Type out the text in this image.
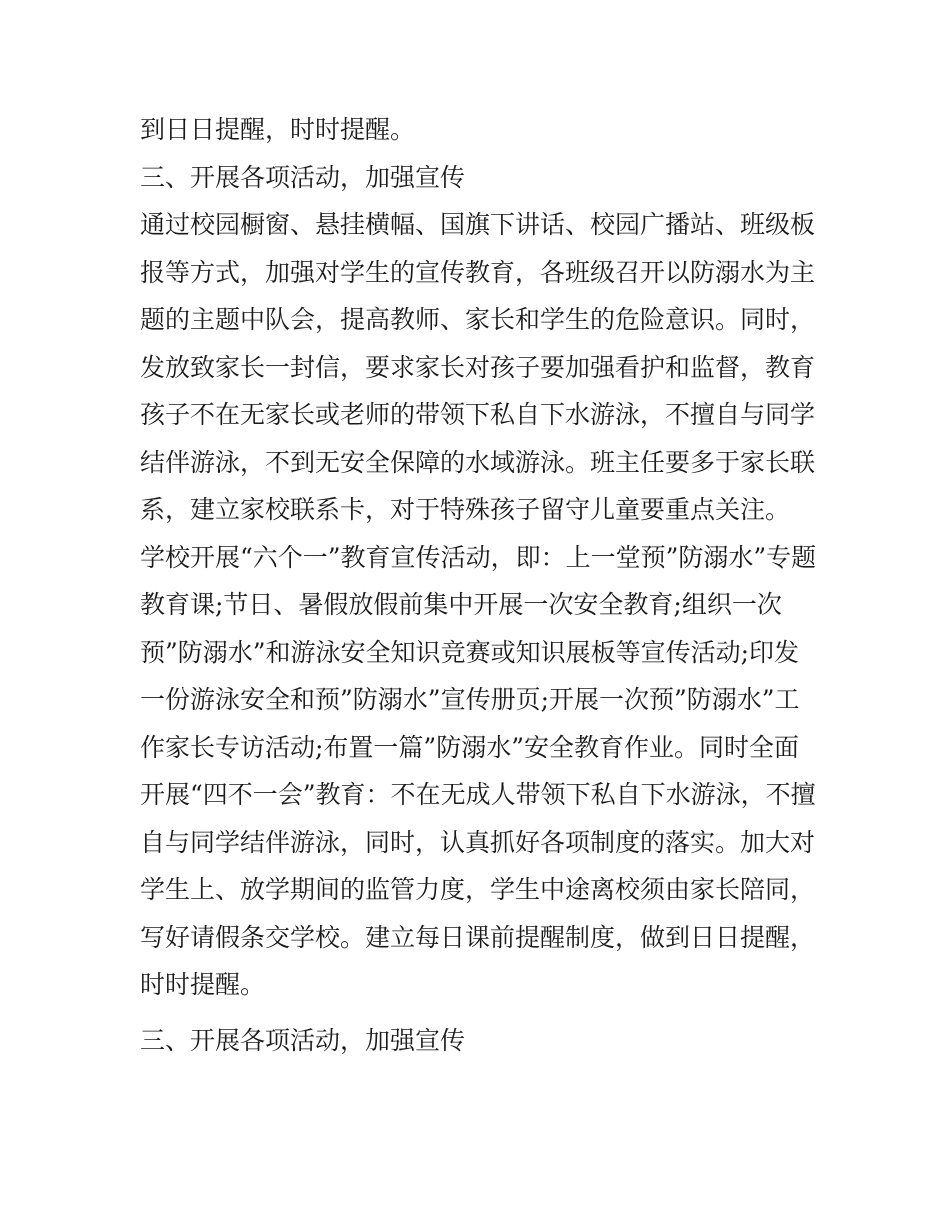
到日日提醒，时时提醒。
三、开展各项活动，加强宣传
通过校园橱窗、悬挂横幅、国旗下讲话、校园广播站、班级板
报等方式，加强对学生的宣传教育，各班级召开以防溺水为主
题的主题中队会，提高教师、家长和学生的危险意识。同时，
发放致家长一封信，要求家长对孩子要加强看护和监督，教育
孩子不在无家长或老师的带领下私自下水游泳，不擅自与同学
结伴游泳，不到无安全保障的水域游泳。班主任要多于家长联
系，建立家校联系卡，对于特殊孩子留守儿童要重点关注。
学校开展“六个一”教育宣传活动，即：上一堂预”防溺水”专题
教育课;节日、暑假放假前集中开展一次安全教育;组织一次
预”防溺水”和游泳安全知识竞赛或知识展板等宣传活动;印发
一份游泳安全和预”防溺水”宣传册页;开展一次预”防溺水”工
作家长专访活动;布置一篇”防溺水”安全教育作业。同时全面
开展“四不一会”教育：不在无成人带领下私自下水游泳，不擅
自与同学结伴游泳，同时，认真抓好各项制度的落实。加大对
学生上、放学期间的监管力度，学生中途离校须由家长陪同，
写好请假条交学校。建立每日课前提醒制度，做到日日提醒，
时时提醒。
三、开展各项活动，加强宣传
